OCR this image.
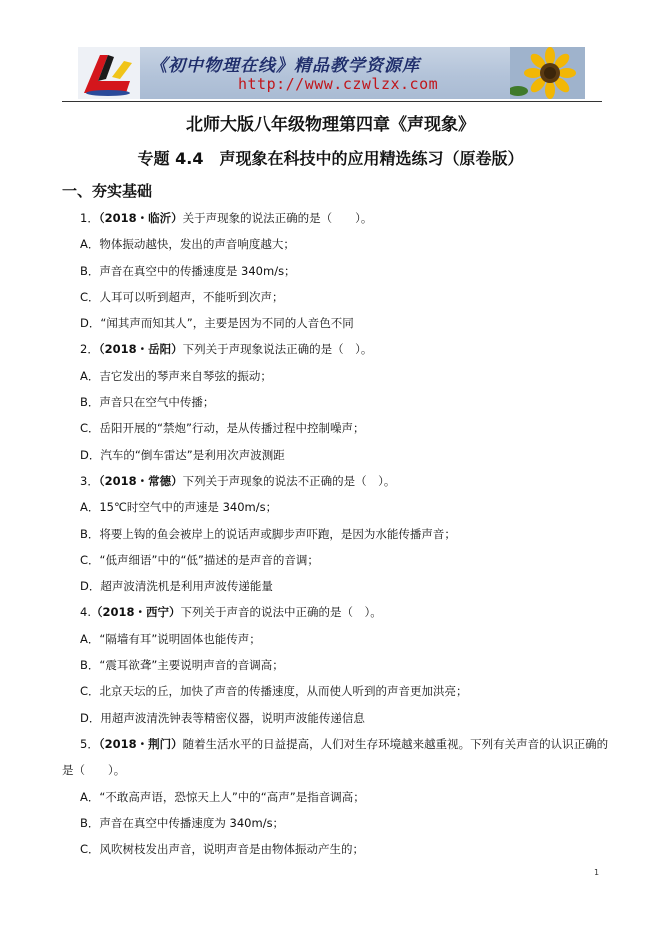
《初中物理在线》精品教学资源库
http://www.czwlzx.com
北师大版八年级物理第四章《声现象》
专题 4.4　声现象在科技中的应用精选练习（原卷版）
一、夯实基础
1．（2018・临沂）关于声现象的说法正确的是（　　）。
A．物体振动越快，发出的声音响度越大；
B．声音在真空中的传播速度是 340m/s；
C．人耳可以听到超声，不能听到次声；
D．“闻其声而知其人”，主要是因为不同的人音色不同
2．（2018・岳阳）下列关于声现象说法正确的是（　）。
A．吉它发出的琴声来自琴弦的振动；
B．声音只在空气中传播；
C．岳阳开展的“禁炮”行动，是从传播过程中控制噪声；
D．汽车的“倒车雷达”是利用次声波测距
3．（2018・常德）下列关于声现象的说法不正确的是（　）。
A．15℃时空气中的声速是 340m/s；
B．将要上钩的鱼会被岸上的说话声或脚步声吓跑，是因为水能传播声音；
C．“低声细语”中的“低”描述的是声音的音调；
D．超声波清洗机是利用声波传递能量
4.（2018・西宁）下列关于声音的说法中正确的是（　）。
A．“隔墙有耳”说明固体也能传声；
B．“震耳欲聋”主要说明声音的音调高；
C．北京天坛的丘，加快了声音的传播速度，从而使人听到的声音更加洪亮；
D．用超声波清洗钟表等精密仪器，说明声波能传递信息
5．（2018・荆门）随着生活水平的日益提高，人们对生存环境越来越重视。下列有关声音的认识正确的
是（　　）。
A．“不敢高声语，恐惊天上人”中的“高声”是指音调高；
B．声音在真空中传播速度为 340m/s；
C．风吹树枝发出声音，说明声音是由物体振动产生的；
1
